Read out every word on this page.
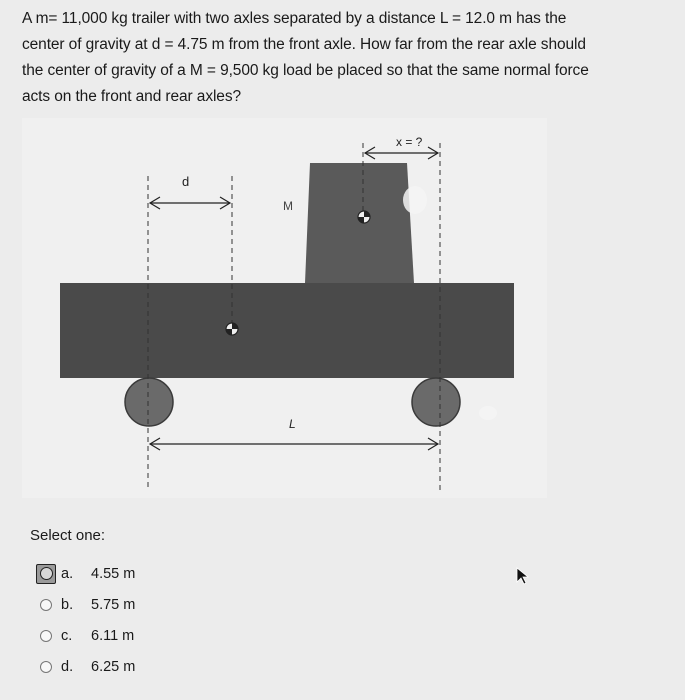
A m= 11,000 kg trailer with two axles separated by a distance L = 12.0 m has the

center of gravity at d = 4.75 m from the front axle. How far from the rear axle should

the center of gravity of a M = 9,500 kg load be placed so that the same normal force

acts on the front and rear axles?

d
x = ?
M
L
Select one:
a.	4.55 m
b.	5.75 m
c.	6.11 m
d.	6.25 m
